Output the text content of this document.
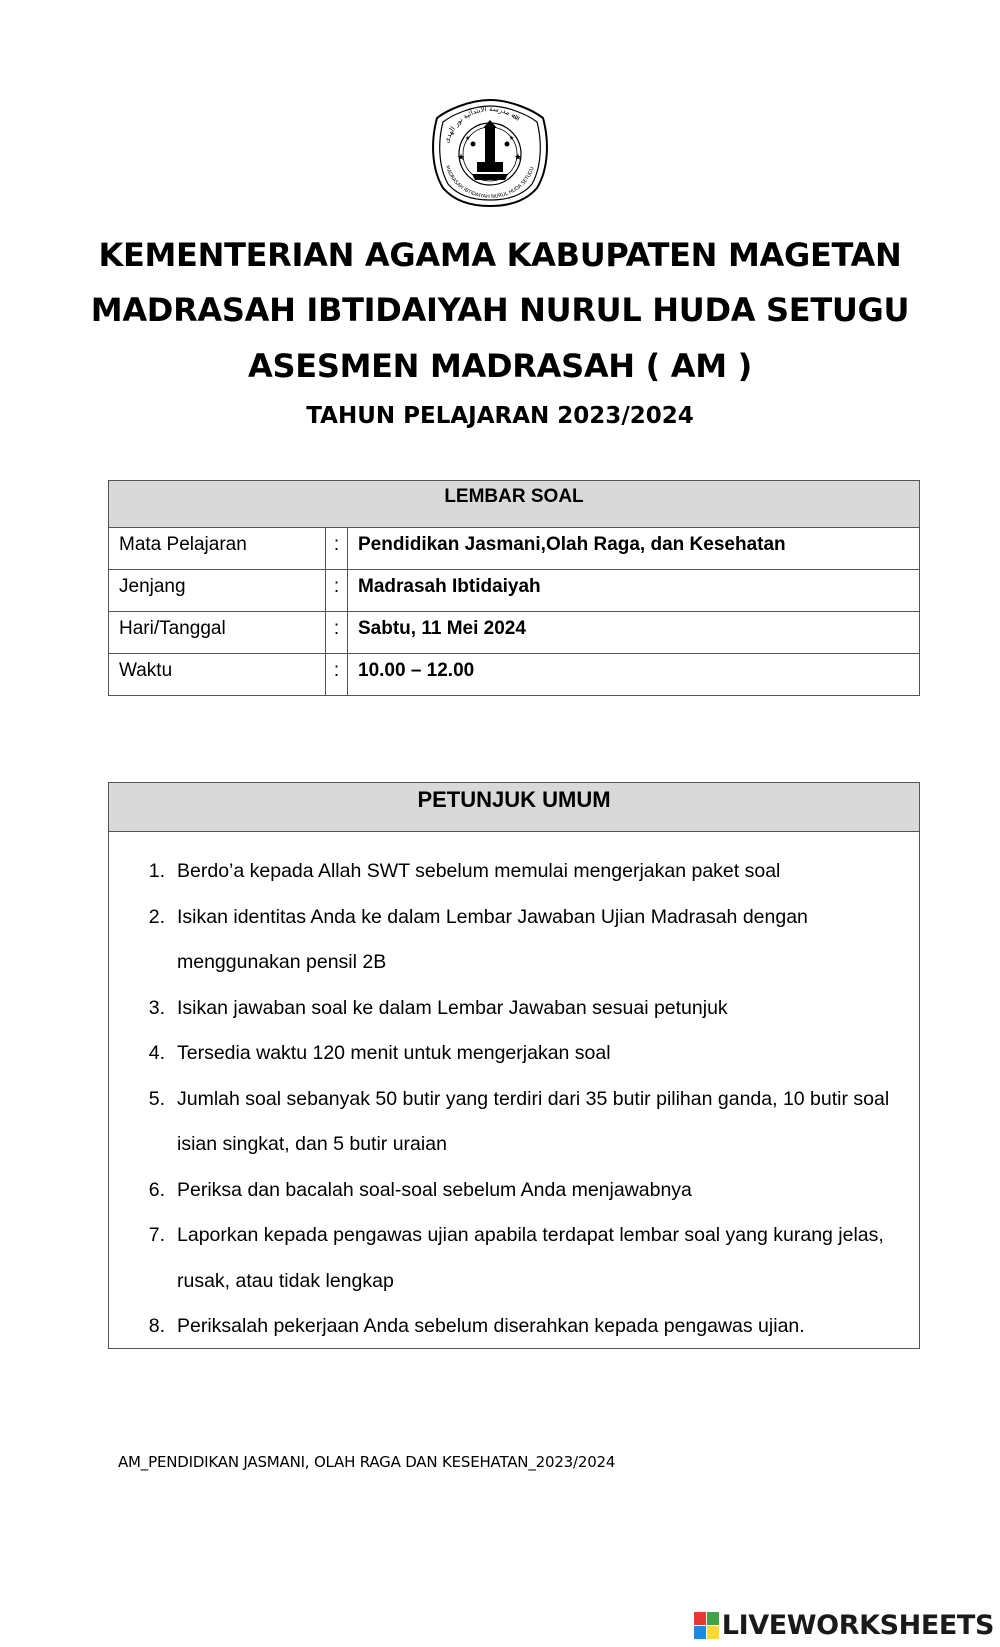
ﷲ ﻣﺪﺭﺳﺔ ﺍﻻﺑﺘﺪﺍﺋﻴﺔ ﻧﻮﺭ ﺍﻟﻬﺪﻯ
MADRASAH IBTIDAIYAH NURUL HUDA SETUGU
★	★
★	★
KEMENTERIAN AGAMA KABUPATEN MAGETAN
MADRASAH IBTIDAIYAH NURUL HUDA SETUGU
ASESMEN MADRASAH ( AM )
TAHUN PELAJARAN 2023/2024
LEMBAR SOAL		
Mata Pelajaran	:	Pendidikan Jasmani,Olah Raga, dan Kesehatan
Jenjang	:	Madrasah Ibtidaiyah
Hari/Tanggal	:	Sabtu, 11 Mei 2024
Waktu	:	10.00 – 12.00
PETUNJUK UMUM
1. Berdo’a kepada Allah SWT sebelum memulai mengerjakan paket soal
2. Isikan identitas Anda ke dalam Lembar Jawaban Ujian Madrasah dengan
menggunakan pensil 2B
3. Isikan jawaban soal ke dalam Lembar Jawaban sesuai petunjuk
4. Tersedia waktu 120 menit untuk mengerjakan soal
5. Jumlah soal sebanyak 50 butir yang terdiri dari 35 butir pilihan ganda, 10 butir soal
isian singkat, dan 5 butir uraian
6. Periksa dan bacalah soal-soal sebelum Anda menjawabnya
7. Laporkan kepada pengawas ujian apabila terdapat lembar soal yang kurang jelas,
rusak, atau tidak lengkap
8. Periksalah pekerjaan Anda sebelum diserahkan kepada pengawas ujian.
AM_PENDIDIKAN JASMANI, OLAH RAGA DAN KESEHATAN_2023/2024
LIVEWORKSHEETS
